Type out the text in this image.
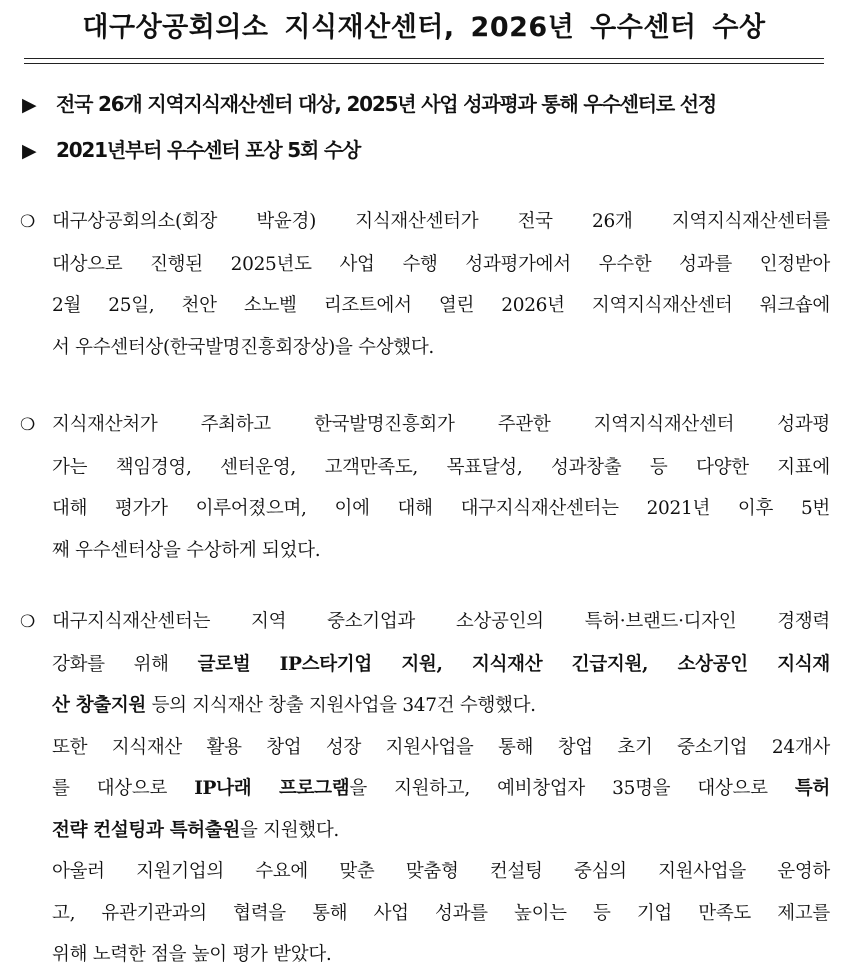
대구상공회의소 지식재산센터, 2026년 우수센터 수상
▶ 전국 26개 지역지식재산센터 대상, 2025년 사업 성과평과 통해 우수센터로 선정
▶ 2021년부터 우수센터 포상 5회 수상
❍ 대구상공회의소(회장 박윤경) 지식재산센터가 전국 26개 지역지식재산센터를
대상으로 진행된 2025년도 사업 수행 성과평가에서 우수한 성과를 인정받아
2월 25일, 천안 소노벨 리조트에서 열린 2026년 지역지식재산센터 워크숍에
서 우수센터상(한국발명진흥회장상)을 수상했다.
❍ 지식재산처가 주최하고 한국발명진흥회가 주관한 지역지식재산센터 성과평
가는 책임경영, 센터운영, 고객만족도, 목표달성, 성과창출 등 다양한 지표에
대해 평가가 이루어졌으며, 이에 대해 대구지식재산센터는 2021년 이후 5번
째 우수센터상을 수상하게 되었다.
❍ 대구지식재산센터는 지역 중소기업과 소상공인의 특허·브랜드·디자인 경쟁력
강화를 위해 글로벌 IP스타기업 지원, 지식재산 긴급지원, 소상공인 지식재
산 창출지원 등의 지식재산 창출 지원사업을 347건 수행했다.
또한 지식재산 활용 창업 성장 지원사업을 통해 창업 초기 중소기업 24개사
를 대상으로 IP나래 프로그램을 지원하고, 예비창업자 35명을 대상으로 특허
전략 컨설팅과 특허출원을 지원했다.
아울러 지원기업의 수요에 맞춘 맞춤형 컨설팅 중심의 지원사업을 운영하
고, 유관기관과의 협력을 통해 사업 성과를 높이는 등 기업 만족도 제고를
위해 노력한 점을 높이 평가 받았다.
